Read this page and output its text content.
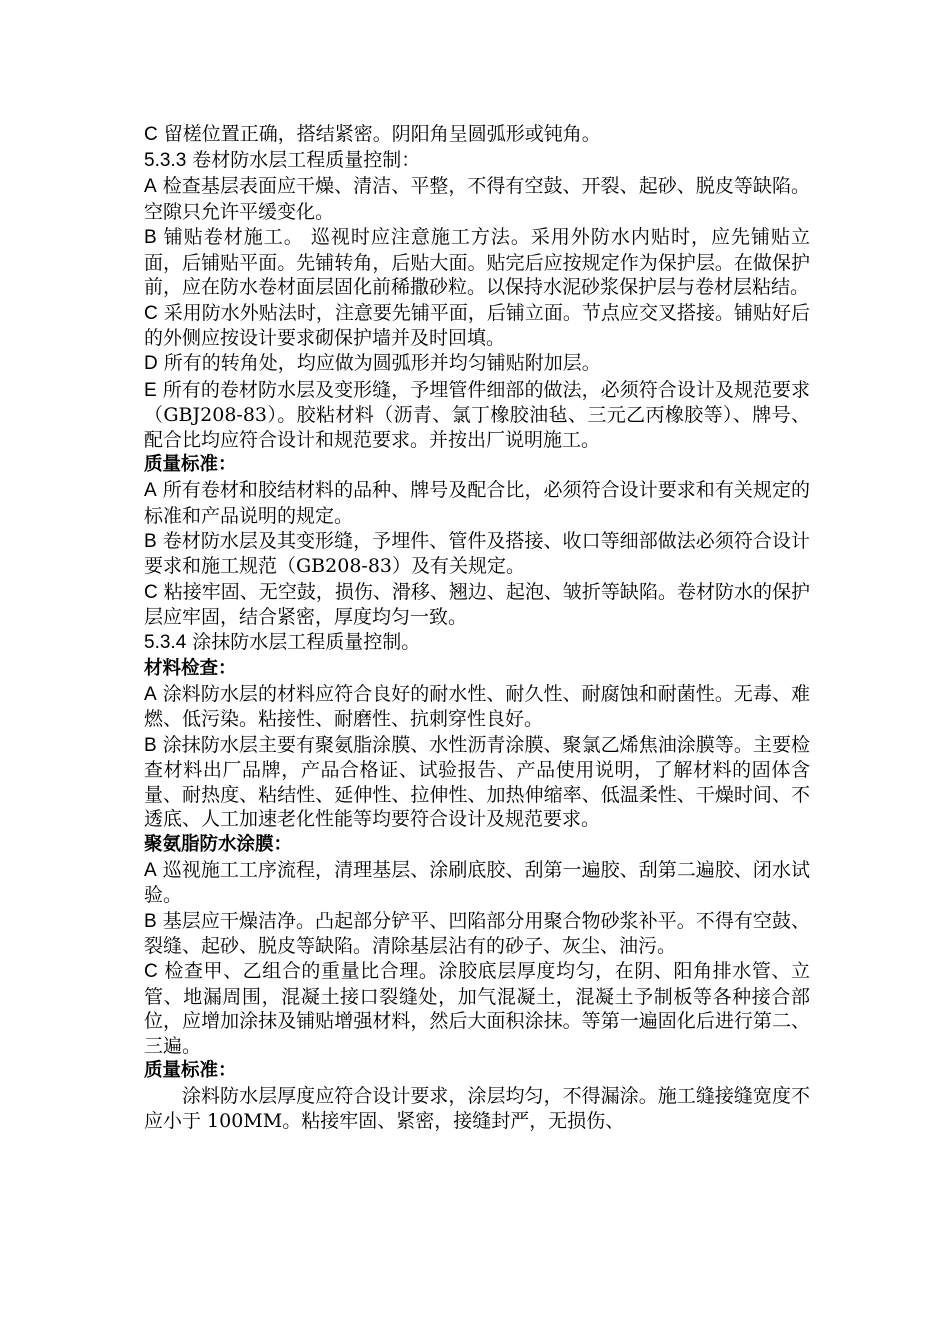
C 留槎位置正确，搭结紧密。阴阳角呈圆弧形或钝角。

5.3.3 卷材防水层工程质量控制：

A 检查基层表面应干燥、清洁、平整，不得有空鼓、开裂、起砂、脱皮等缺陷。空隙只允许平缓变化。

B 铺贴卷材施工。 巡视时应注意施工方法。采用外防水内贴时，应先铺贴立面，后铺贴平面。先铺转角，后贴大面。贴完后应按规定作为保护层。在做保护前，应在防水卷材面层固化前稀撒砂粒。以保持水泥砂浆保护层与卷材层粘结。

C 采用防水外贴法时，注意要先铺平面，后铺立面。节点应交叉搭接。铺贴好后的外侧应按设计要求砌保护墙并及时回填。

D 所有的转角处，均应做为圆弧形并均匀铺贴附加层。

E 所有的卷材防水层及变形缝，予埋管件细部的做法，必须符合设计及规范要求（GBJ208-83）。胶粘材料（沥青、氯丁橡胶油毡、三元乙丙橡胶等）、牌号、配合比均应符合设计和规范要求。并按出厂说明施工。

质量标准：

A 所有卷材和胶结材料的品种、牌号及配合比，必须符合设计要求和有关规定的标准和产品说明的规定。

B 卷材防水层及其变形缝，予埋件、管件及搭接、收口等细部做法必须符合设计要求和施工规范（GB208-83）及有关规定。

C 粘接牢固、无空鼓，损伤、滑移、翘边、起泡、皱折等缺陷。卷材防水的保护层应牢固，结合紧密，厚度均匀一致。

5.3.4 涂抹防水层工程质量控制。

材料检查：

A 涂料防水层的材料应符合良好的耐水性、耐久性、耐腐蚀和耐菌性。无毒、难燃、低污染。粘接性、耐磨性、抗刺穿性良好。

B 涂抹防水层主要有聚氨脂涂膜、水性沥青涂膜、聚氯乙烯焦油涂膜等。主要检查材料出厂品牌，产品合格证、试验报告、产品使用说明，了解材料的固体含量、耐热度、粘结性、延伸性、拉伸性、加热伸缩率、低温柔性、干燥时间、不透底、人工加速老化性能等均要符合设计及规范要求。

聚氨脂防水涂膜：

A 巡视施工工序流程，清理基层、涂刷底胶、刮第一遍胶、刮第二遍胶、闭水试验。

B 基层应干燥洁净。凸起部分铲平、凹陷部分用聚合物砂浆补平。不得有空鼓、裂缝、起砂、脱皮等缺陷。清除基层沾有的砂子、灰尘、油污。

C 检查甲、乙组合的重量比合理。涂胶底层厚度均匀，在阴、阳角排水管、立管、地漏周围，混凝土接口裂缝处，加气混凝土，混凝土予制板等各种接合部位，应增加涂抹及铺贴增强材料，然后大面积涂抹。等第一遍固化后进行第二、三遍。

质量标准：

涂料防水层厚度应符合设计要求，涂层均匀，不得漏涂。施工缝接缝宽度不应小于 100MM。粘接牢固、紧密，接缝封严，无损伤、
